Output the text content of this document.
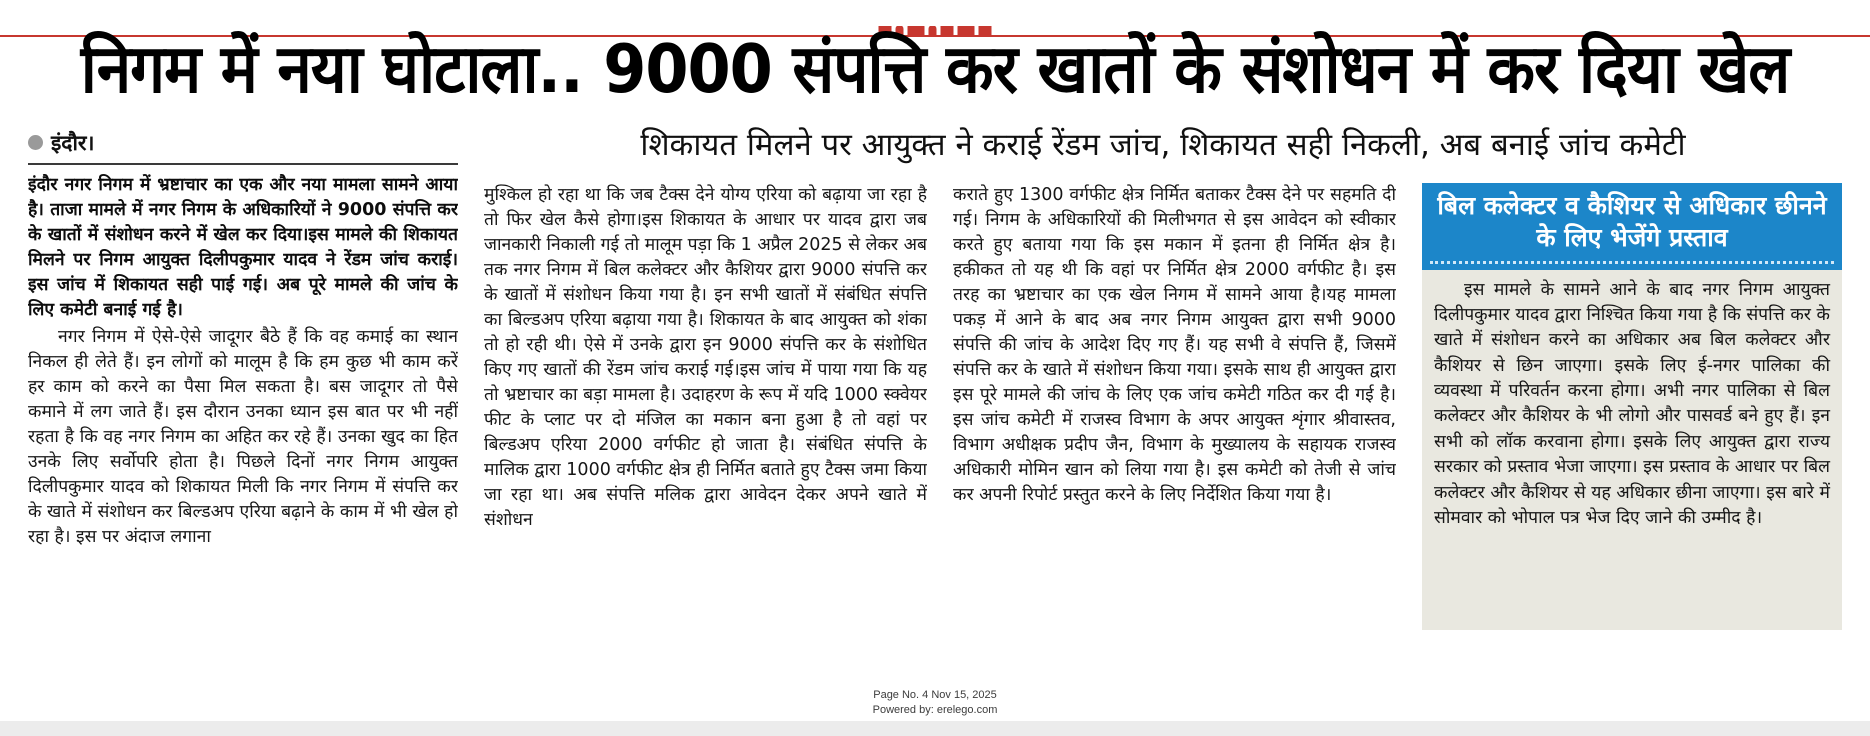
निगम में नया घोटाला.. 9000 संपत्ति कर खातों के संशोधन में कर दिया खेल
इंदौर।

इंदौर नगर निगम में भ्रष्टाचार का एक और नया मामला सामने आया है। ताजा मामले में नगर निगम के अधिकारियों ने 9000 संपत्ति कर के खातों में संशोधन करने में खेल कर दिया।इस मामले की शिकायत मिलने पर निगम आयुक्त दिलीपकुमार यादव ने रेंडम जांच कराई। इस जांच में शिकायत सही पाई गई। अब पूरे मामले की जांच के लिए कमेटी बनाई गई है।

नगर निगम में ऐसे-ऐसे जादूगर बैठे हैं कि वह कमाई का स्थान निकल ही लेते हैं। इन लोगों को मालूम है कि हम कुछ भी काम करें हर काम को करने का पैसा मिल सकता है। बस जादूगर तो पैसे कमाने में लग जाते हैं। इस दौरान उनका ध्यान इस बात पर भी नहीं रहता है कि वह नगर निगम का अहित कर रहे हैं। उनका खुद का हित उनके लिए सर्वोपरि होता है। पिछले दिनों नगर निगम आयुक्त दिलीपकुमार यादव को शिकायत मिली कि नगर निगम में संपत्ति कर के खाते में संशोधन कर बिल्डअप एरिया बढ़ाने के काम में भी खेल हो रहा है। इस पर अंदाज लगाना

शिकायत मिलने पर आयुक्त ने कराई रेंडम जांच, शिकायत सही निकली, अब बनाई जांच कमेटी

मुश्किल हो रहा था कि जब टैक्स देने योग्य एरिया को बढ़ाया जा रहा है तो फिर खेल कैसे होगा।इस शिकायत के आधार पर यादव द्वारा जब जानकारी निकाली गई तो मालूम पड़ा कि 1 अप्रैल 2025 से लेकर अब तक नगर निगम में बिल कलेक्टर और कैशियर द्वारा 9000 संपत्ति कर के खातों में संशोधन किया गया है। इन सभी खातों में संबंधित संपत्ति का बिल्डअप एरिया बढ़ाया गया है। शिकायत के बाद आयुक्त को शंका तो हो रही थी। ऐसे में उनके द्वारा इन 9000 संपत्ति कर के संशोधित किए गए खातों की रेंडम जांच कराई गई।इस जांच में पाया गया कि यह तो भ्रष्टाचार का बड़ा मामला है। उदाहरण के रूप में यदि 1000 स्क्वेयर फीट के प्लाट पर दो मंजिल का मकान बना हुआ है तो वहां पर बिल्डअप एरिया 2000 वर्गफीट हो जाता है। संबंधित संपत्ति के मालिक द्वारा 1000 वर्गफीट क्षेत्र ही निर्मित बताते हुए टैक्स जमा किया जा रहा था। अब संपत्ति मलिक द्वारा आवेदन देकर अपने खाते में संशोधन

कराते हुए 1300 वर्गफीट क्षेत्र निर्मित बताकर टैक्स देने पर सहमति दी गई। निगम के अधिकारियों की मिलीभगत से इस आवेदन को स्वीकार करते हुए बताया गया कि इस मकान में इतना ही निर्मित क्षेत्र है। हकीकत तो यह थी कि वहां पर निर्मित क्षेत्र 2000 वर्गफीट है। इस तरह का भ्रष्टाचार का एक खेल निगम में सामने आया है।यह मामला पकड़ में आने के बाद अब नगर निगम आयुक्त द्वारा सभी 9000 संपत्ति की जांच के आदेश दिए गए हैं। यह सभी वे संपत्ति हैं, जिसमें संपत्ति कर के खाते में संशोधन किया गया। इसके साथ ही आयुक्त द्वारा इस पूरे मामले की जांच के लिए एक जांच कमेटी गठित कर दी गई है। इस जांच कमेटी में राजस्व विभाग के अपर आयुक्त शृंगार श्रीवास्तव, विभाग अधीक्षक प्रदीप जैन, विभाग के मुख्यालय के सहायक राजस्व अधिकारी मोमिन खान को लिया गया है। इस कमेटी को तेजी से जांच कर अपनी रिपोर्ट प्रस्तुत करने के लिए निर्देशित किया गया है।

बिल कलेक्टर व कैशियर से अधिकार छीनने के लिए भेजेंगे प्रस्ताव
इस मामले के सामने आने के बाद नगर निगम आयुक्त दिलीपकुमार यादव द्वारा निश्चित किया गया है कि संपत्ति कर के खाते में संशोधन करने का अधिकार अब बिल कलेक्टर और कैशियर से छिन जाएगा। इसके लिए ई-नगर पालिका की व्यवस्था में परिवर्तन करना होगा। अभी नगर पालिका से बिल कलेक्टर और कैशियर के भी लोगो और पासवर्ड बने हुए हैं। इन सभी को लॉक करवाना होगा। इसके लिए आयुक्त द्वारा राज्य सरकार को प्रस्ताव भेजा जाएगा। इस प्रस्ताव के आधार पर बिल कलेक्टर और कैशियर से यह अधिकार छीना जाएगा। इस बारे में सोमवार को भोपाल पत्र भेज दिए जाने की उम्मीद है।
Page No. 4 Nov 15, 2025
Powered by: erelego.com
